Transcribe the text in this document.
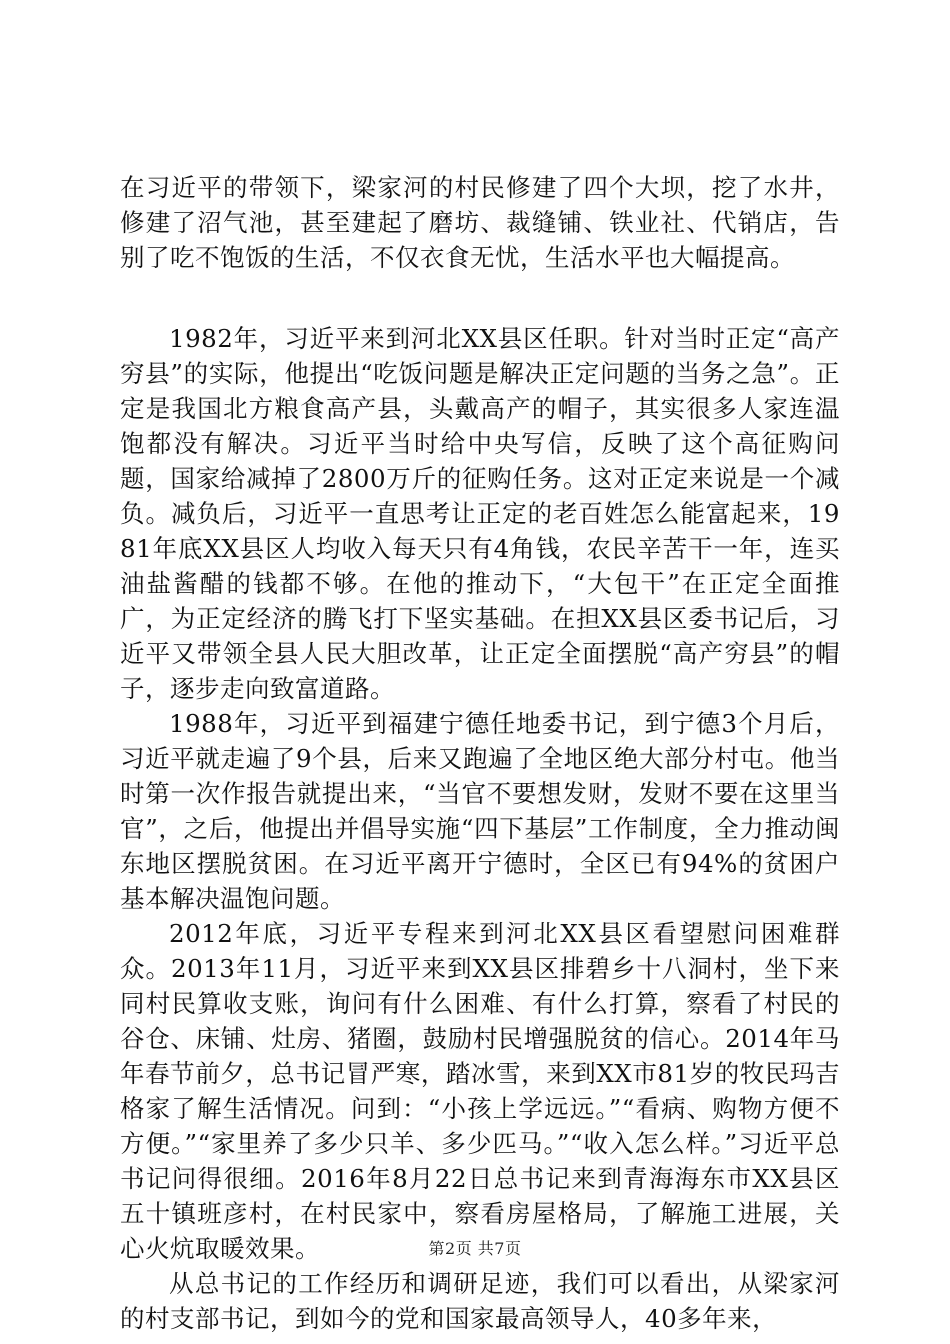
在习近平的带领下，梁家河的村民修建了四个大坝，挖了水井，修建了沼气池，甚至建起了磨坊、裁缝铺、铁业社、代销店，告别了吃不饱饭的生活，不仅衣食无忧，生活水平也大幅提高。

1982年，习近平来到河北XX县区任职。针对当时正定“高产穷县”的实际，他提出“吃饭问题是解决正定问题的当务之急”。正定是我国北方粮食高产县，头戴高产的帽子，其实很多人家连温饱都没有解决。习近平当时给中央写信，反映了这个高征购问题，国家给减掉了2800万斤的征购任务。这对正定来说是一个减负。减负后，习近平一直思考让正定的老百姓怎么能富起来，1981年底XX县区人均收入每天只有4角钱，农民辛苦干一年，连买油盐酱醋的钱都不够。在他的推动下，“大包干”在正定全面推广，为正定经济的腾飞打下坚实基础。在担XX县区委书记后，习近平又带领全县人民大胆改革，让正定全面摆脱“高产穷县”的帽子，逐步走向致富道路。

1988年，习近平到福建宁德任地委书记，到宁德3个月后，习近平就走遍了9个县，后来又跑遍了全地区绝大部分村屯。他当时第一次作报告就提出来，“当官不要想发财，发财不要在这里当官”，之后，他提出并倡导实施“四下基层”工作制度，全力推动闽东地区摆脱贫困。在习近平离开宁德时，全区已有94%的贫困户基本解决温饱问题。

2012年底，习近平专程来到河北XX县区看望慰问困难群众。2013年11月，习近平来到XX县区排碧乡十八洞村，坐下来同村民算收支账，询问有什么困难、有什么打算，察看了村民的谷仓、床铺、灶房、猪圈，鼓励村民增强脱贫的信心。2014年马年春节前夕，总书记冒严寒，踏冰雪，来到XX市81岁的牧民玛吉格家了解生活情况。问到：“小孩上学远远。”“看病、购物方便不方便。”“家里养了多少只羊、多少匹马。”“收入怎么样。”习近平总书记问得很细。2016年8月22日总书记来到青海海东市XX县区五十镇班彦村，在村民家中，察看房屋格局，了解施工进展，关心火炕取暖效果。

从总书记的工作经历和调研足迹，我们可以看出，从梁家河的村支部书记，到如今的党和国家最高领导人，40多年来，

第2页 共7页
